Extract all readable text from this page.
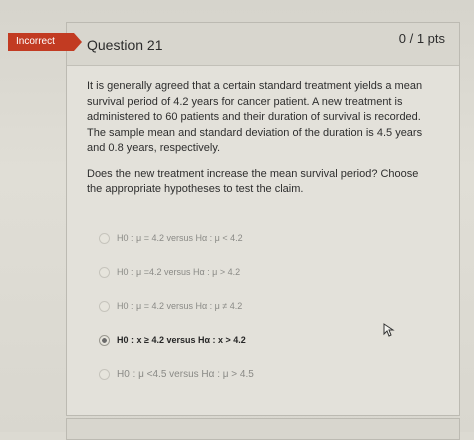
Question 21	0 / 1 pts

It is generally agreed that a certain standard treatment yields a mean survival period of 4.2 years for cancer patient. A new treatment is administered to 60 patients and their duration of survival is recorded. The sample mean and standard deviation of the duration is 4.5 years and 0.8 years, respectively.

Does the new treatment increase the mean survival period? Choose the appropriate hypotheses to test the claim.

H0 : μ = 4.2 versus Hα : μ < 4.2
H0 : μ =4.2 versus Hα : μ > 4.2
H0 : μ = 4.2 versus Hα : μ ≠ 4.2
H0 : x ≥ 4.2 versus Hα : x > 4.2
H0 : μ <4.5 versus Hα : μ > 4.5
Incorrect
